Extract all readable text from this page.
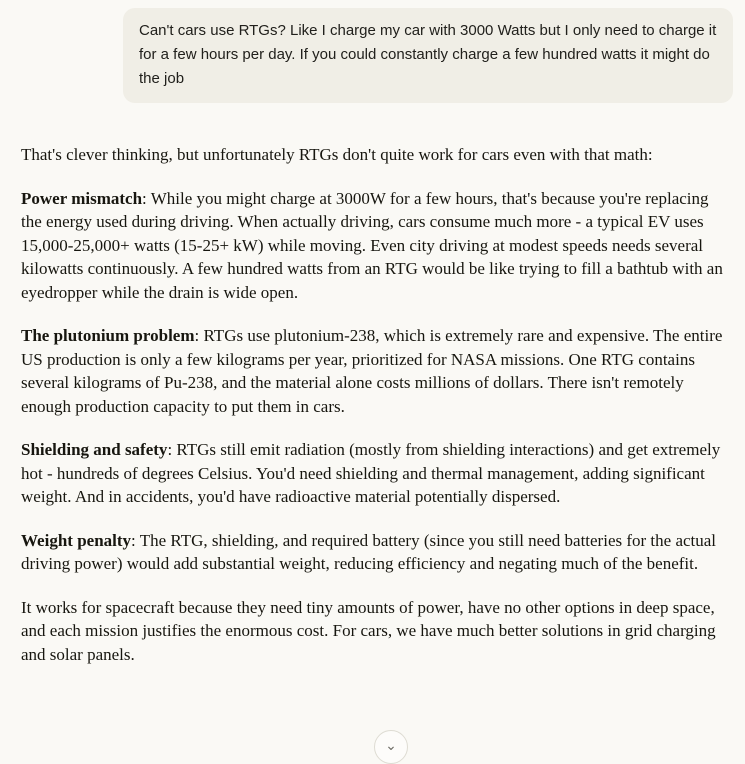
Can't cars use RTGs? Like I charge my car with 3000 Watts but I only need to charge it for a few hours per day. If you could constantly charge a few hundred watts it might do the job

That's clever thinking, but unfortunately RTGs don't quite work for cars even with that math:

Power mismatch: While you might charge at 3000W for a few hours, that's because you're replacing the energy used during driving. When actually driving, cars consume much more - a typical EV uses 15,000-25,000+ watts (15-25+ kW) while moving. Even city driving at modest speeds needs several kilowatts continuously. A few hundred watts from an RTG would be like trying to fill a bathtub with an eyedropper while the drain is wide open.

The plutonium problem: RTGs use plutonium-238, which is extremely rare and expensive. The entire US production is only a few kilograms per year, prioritized for NASA missions. One RTG contains several kilograms of Pu-238, and the material alone costs millions of dollars. There isn't remotely enough production capacity to put them in cars.

Shielding and safety: RTGs still emit radiation (mostly from shielding interactions) and get extremely hot - hundreds of degrees Celsius. You'd need shielding and thermal management, adding significant weight. And in accidents, you'd have radioactive material potentially dispersed.

Weight penalty: The RTG, shielding, and required battery (since you still need batteries for the actual driving power) would add substantial weight, reducing efficiency and negating much of the benefit.

It works for spacecraft because they need tiny amounts of power, have no other options in deep space, and each mission justifies the enormous cost. For cars, we have much better solutions in grid charging and solar panels.

⌄
